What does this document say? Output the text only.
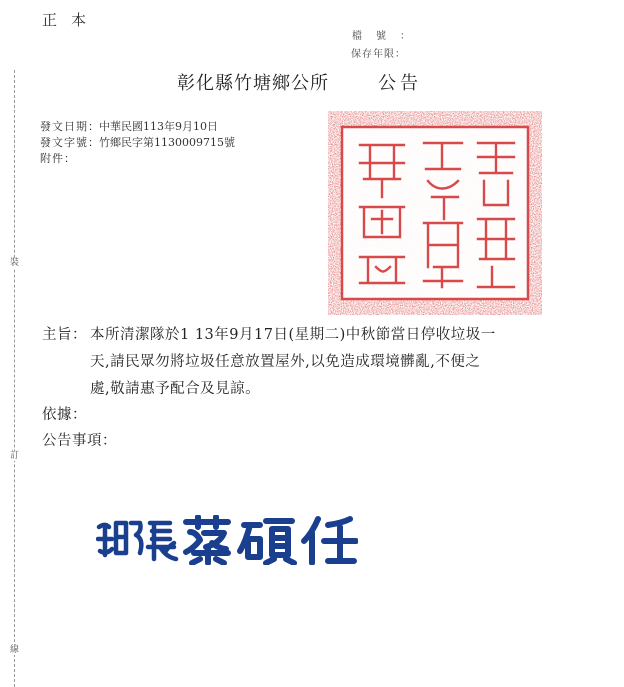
正本
檔號：
保存年限：
裝
訂
線
彰化縣竹塘鄉公所	公告
發文日期：中華民國113年9月10日
發文字號：竹鄉民字第1130009715號
附件：
主旨： 本所清潔隊於1 13年9月17日(星期二)中秋節當日停收垃圾一
天,請民眾勿將垃圾任意放置屋外,以免造成環境髒亂,不便之
處,敬請惠予配合及見諒。
依據：
公告事項：
